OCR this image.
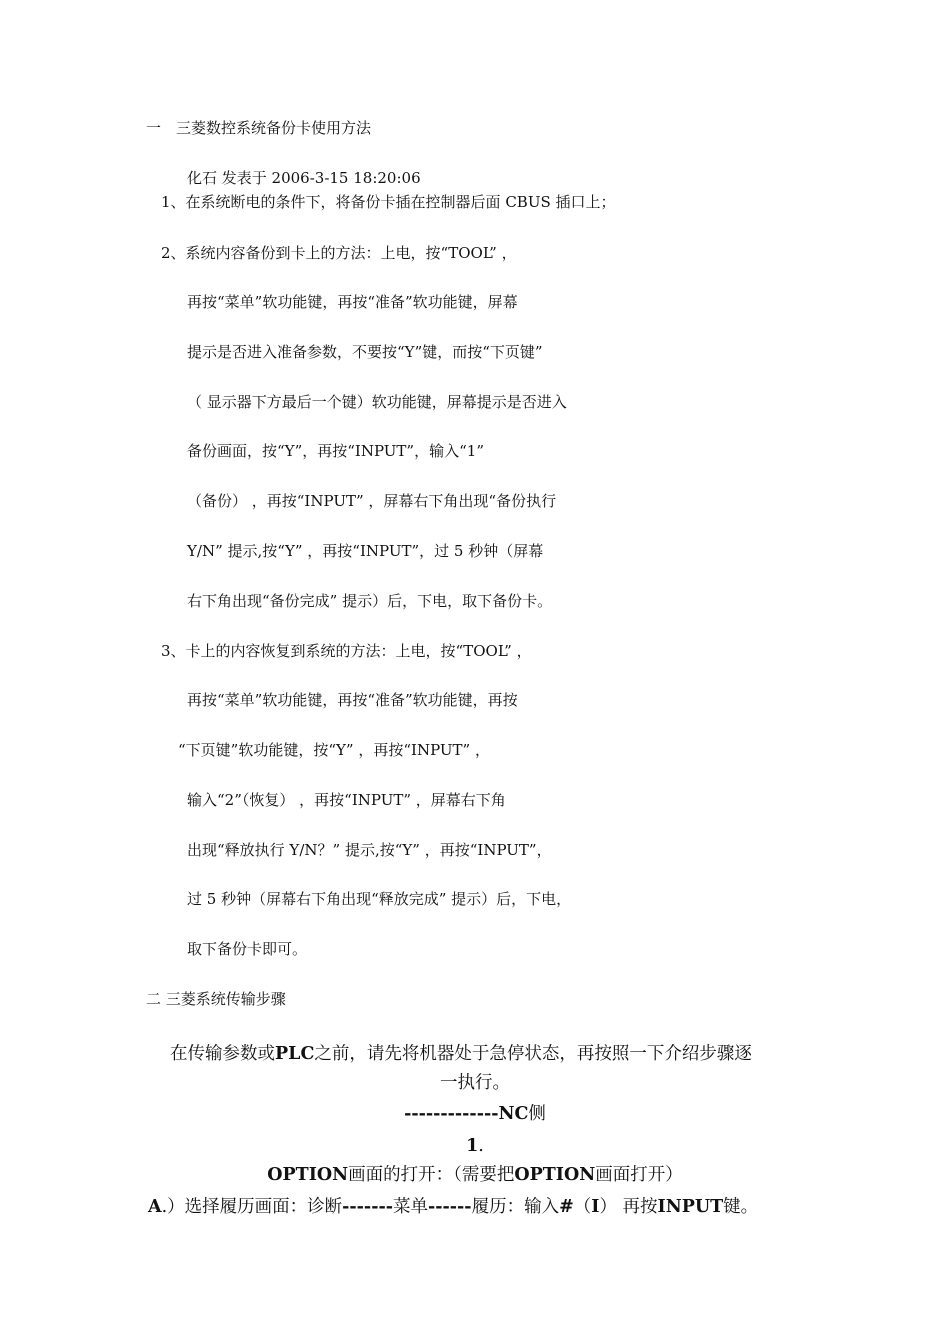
一　三菱数控系统备份卡使用方法
化石 发表于 2006-3-15 18:20:06
1、在系统断电的条件下，将备份卡插在控制器后面 CBUS 插口上；
2、系统内容备份到卡上的方法：上电，按“TOOL” ，
再按“菜单”软功能键，再按“准备”软功能键，屏幕
提示是否进入准备参数，不要按“Y”键，而按“下页键”
（ 显示器下方最后一个键）软功能键，屏幕提示是否进入
备份画面，按“Y”，再按“INPUT”，输入“1”
（备份） ，再按“INPUT” ，屏幕右下角出现“备份执行
Y/N” 提示,按“Y” ，再按“INPUT”，过 5 秒钟（屏幕
右下角出现“备份完成” 提示）后，下电，取下备份卡。
3、卡上的内容恢复到系统的方法：上电，按“TOOL” ，
再按“菜单”软功能键，再按“准备”软功能键，再按
“下页键”软功能键，按“Y” ，再按“INPUT” ，
输入“2”（恢复） ，再按“INPUT” ，屏幕右下角
出现“释放执行 Y/N？” 提示,按“Y” ，再按“INPUT”，
过 5 秒钟（屏幕右下角出现“释放完成” 提示）后，下电，
取下备份卡即可。
二 三菱系统传输步骤
在传输参数或PLC之前，请先将机器处于急停状态，再按照一下介绍步骤逐
一执行。
-------------NC侧
1.
OPTION画面的打开：（需要把OPTION画面打开）
A.）选择履历画面：诊断-------菜单------履历：输入#（I） 再按INPUT键。
